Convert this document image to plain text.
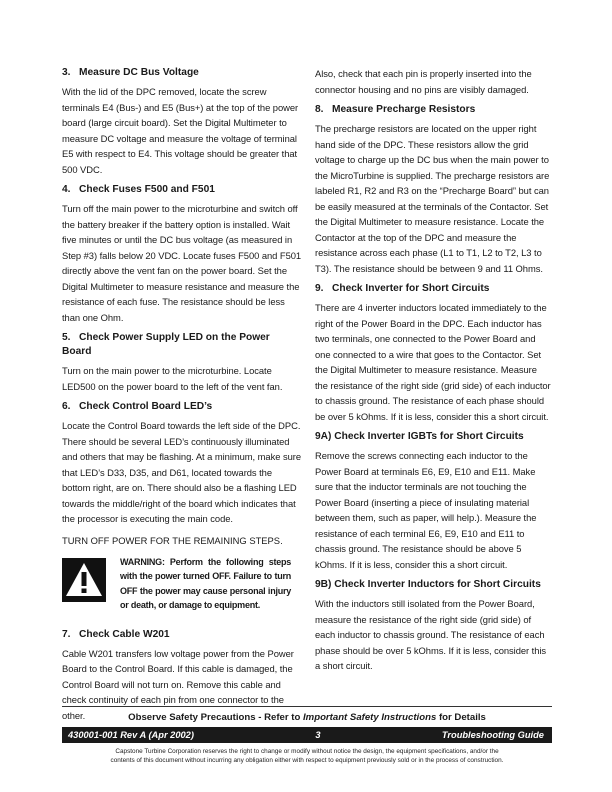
3. Measure DC Bus Voltage

With the lid of the DPC removed, locate the screw terminals E4 (Bus-) and E5 (Bus+) at the top of the power board (large circuit board). Set the Digital Multimeter to measure DC voltage and measure the voltage of terminal E5 with respect to E4. This voltage should be greater that 500 VDC.

4. Check Fuses F500 and F501

Turn off the main power to the microturbine and switch off the battery breaker if the battery option is installed. Wait five minutes or until the DC bus voltage (as measured in Step #3) falls below 20 VDC. Locate fuses F500 and F501 directly above the vent fan on the power board. Set the Digital Multimeter to measure resistance and measure the resistance of each fuse. The resistance should be less than one Ohm.

5. Check Power Supply LED on the Power Board

Turn on the main power to the microturbine. Locate LED500 on the power board to the left of the vent fan.

6. Check Control Board LED’s

Locate the Control Board towards the left side of the DPC. There should be several LED’s continuously illuminated and others that may be flashing. At a minimum, make sure that LED’s D33, D35, and D61, located towards the bottom right, are on. There should also be a flashing LED towards the middle/right of the board which indicates that the processor is executing the main code.

TURN OFF POWER FOR THE REMAINING STEPS.
WARNING: Perform the following steps with the power turned OFF. Failure to turn OFF the power may cause personal injury or death, or damage to equipment.
7. Check Cable W201

Cable W201 transfers low voltage power from the Power Board to the Control Board. If this cable is damaged, the Control Board will not turn on. Remove this cable and check continuity of each pin from one connector to the other.

Also, check that each pin is properly inserted into the connector housing and no pins are visibly damaged.

8. Measure Precharge Resistors

The precharge resistors are located on the upper right hand side of the DPC. These resistors allow the grid voltage to charge up the DC bus when the main power to the MicroTurbine is supplied. The precharge resistors are labeled R1, R2 and R3 on the “Precharge Board” but can be easily measured at the terminals of the Contactor. Set the Digital Multimeter to measure resistance. Locate the Contactor at the top of the DPC and measure the resistance across each phase (L1 to T1, L2 to T2, L3 to T3). The resistance should be between 9 and 11 Ohms.

9. Check Inverter for Short Circuits

There are 4 inverter inductors located immediately to the right of the Power Board in the DPC. Each inductor has two terminals, one connected to the Power Board and one connected to a wire that goes to the Contactor. Set the Digital Multimeter to measure resistance. Measure the resistance of the right side (grid side) of each inductor to chassis ground. The resistance of each phase should be over 5 kOhms. If it is less, consider this a short circuit.

9A) Check Inverter IGBTs for Short Circuits

Remove the screws connecting each inductor to the Power Board at terminals E6, E9, E10 and E11. Make sure that the inductor terminals are not touching the Power Board (inserting a piece of insulating material between them, such as paper, will help.). Measure the resistance of each terminal E6, E9, E10 and E11 to chassis ground. The resistance should be above 5 kOhms. If it is less, consider this a short circuit.

9B) Check Inverter Inductors for Short Circuits

With the inductors still isolated from the Power Board, measure the resistance of the right side (grid side) of each inductor to chassis ground. The resistance of each phase should be over 5 kOhms. If it is less, consider this a short circuit.

Observe Safety Precautions - Refer to Important Safety Instructions for Details
430001-001 Rev A (Apr 2002)	3	Troubleshooting Guide
Capstone Turbine Corporation reserves the right to change or modify without notice the design, the equipment specifications, and/or the
contents of this document without incurring any obligation either with respect to equipment previously sold or in the process of construction.
